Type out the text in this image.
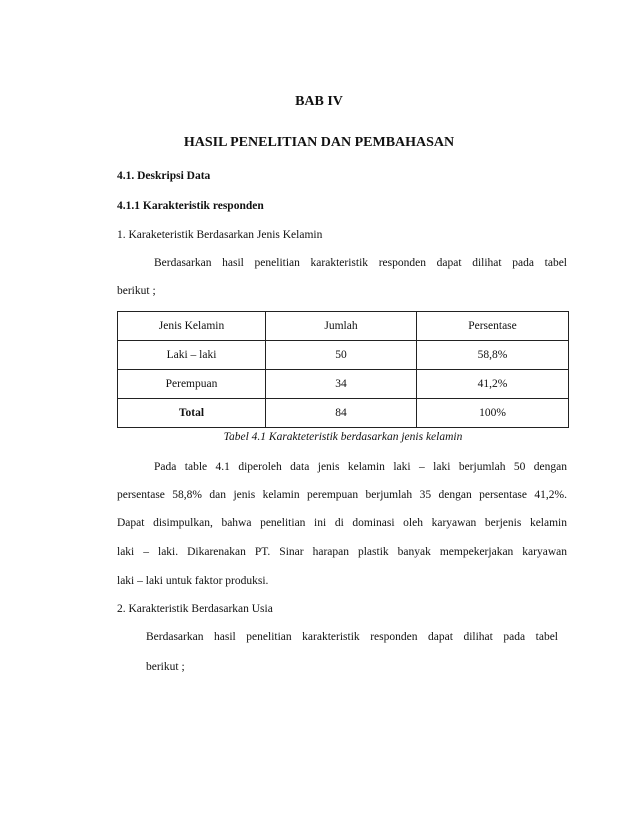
BAB IV
HASIL PENELITIAN DAN PEMBAHASAN
4.1. Deskripsi Data
4.1.1 Karakteristik responden
1. Karaketeristik Berdasarkan Jenis Kelamin
Berdasarkan hasil penelitian karakteristik responden dapat dilihat pada tabel
berikut ;
Jenis Kelamin	Jumlah	Persentase
Laki – laki	50	58,8%
Perempuan	34	41,2%
Total	84	100%
Tabel 4.1 Karakteteristik berdasarkan jenis kelamin
Pada table 4.1 diperoleh data jenis kelamin laki – laki berjumlah 50 dengan
persentase 58,8% dan jenis kelamin perempuan berjumlah 35 dengan persentase 41,2%.
Dapat disimpulkan, bahwa penelitian ini di dominasi oleh karyawan berjenis kelamin
laki – laki. Dikarenakan PT. Sinar harapan plastik banyak mempekerjakan karyawan
laki – laki untuk faktor produksi.
2. Karakteristik Berdasarkan Usia
Berdasarkan hasil penelitian karakteristik responden dapat dilihat pada tabel
berikut ;
